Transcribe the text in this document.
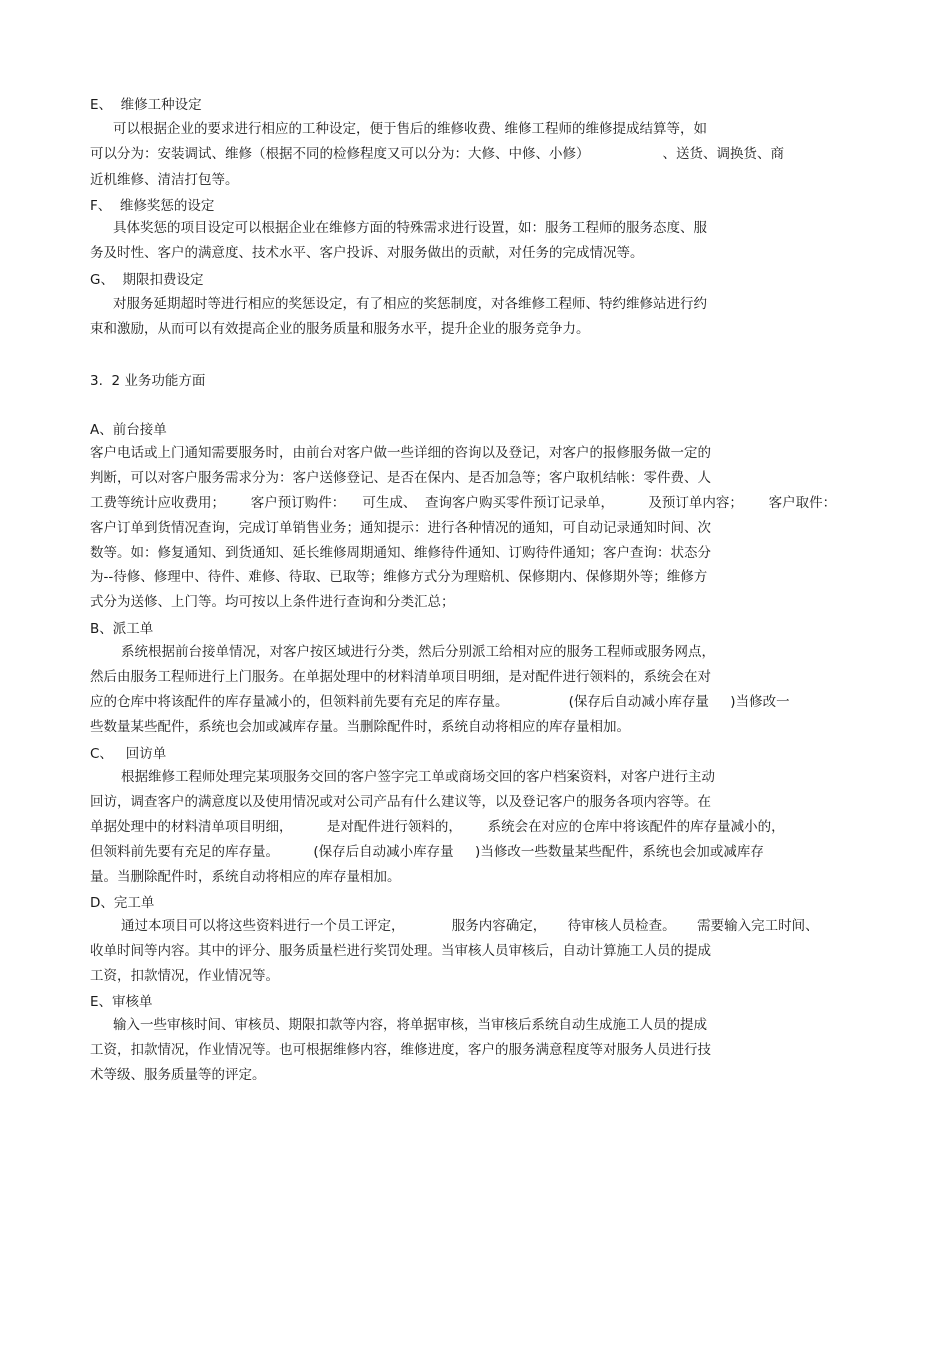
E、  维修工种设定
可以根据企业的要求进行相应的工种设定，便于售后的维修收费、维修工程师的维修提成结算等，如
可以分为：安装调试、维修（根据不同的检修程度又可以分为：大修、中修、小修）                 、送货、调换货、商
近机维修、清洁打包等。
F、  维修奖惩的设定
具体奖惩的项目设定可以根据企业在维修方面的特殊需求进行设置，如：服务工程师的服务态度、服
务及时性、客户的满意度、技术水平、客户投诉、对服务做出的贡献，对任务的完成情况等。
G、  期限扣费设定
对服务延期超时等进行相应的奖惩设定，有了相应的奖惩制度，对各维修工程师、特约维修站进行约
束和激励，从而可以有效提高企业的服务质量和服务水平，提升企业的服务竞争力。
3.  2 业务功能方面
A、前台接单
客户电话或上门通知需要服务时，由前台对客户做一些详细的咨询以及登记，对客户的报修服务做一定的
判断，可以对客户服务需求分为：客户送修登记、是否在保内、是否加急等；客户取机结帐：零件费、人
工费等统计应收费用；      客户预订购件：    可生成、  查询客户购买零件预订记录单，        及预订单内容；      客户取件：
客户订单到货情况查询，完成订单销售业务；通知提示：进行各种情况的通知，可自动记录通知时间、次
数等。如：修复通知、到货通知、延长维修周期通知、维修待件通知、订购待件通知；客户查询：状态分
为--待修、修理中、待件、难修、待取、已取等；维修方式分为理赔机、保修期内、保修期外等；维修方
式分为送修、上门等。均可按以上条件进行查询和分类汇总；
B、派工单
系统根据前台接单情况，对客户按区域进行分类，然后分别派工给相对应的服务工程师或服务网点，
然后由服务工程师进行上门服务。在单据处理中的材料清单项目明细，是对配件进行领料的，系统会在对
应的仓库中将该配件的库存量减小的，但领料前先要有充足的库存量。              (保存后自动减小库存量     )当修改一
些数量某些配件，系统也会加或减库存量。当删除配件时，系统自动将相应的库存量相加。
C、   回访单
根据维修工程师处理完某项服务交回的客户签字完工单或商场交回的客户档案资料，对客户进行主动
回访，调查客户的满意度以及使用情况或对公司产品有什么建议等，以及登记客户的服务各项内容等。在
单据处理中的材料清单项目明细，        是对配件进行领料的，      系统会在对应的仓库中将该配件的库存量减小的，
但领料前先要有充足的库存量。        (保存后自动减小库存量     )当修改一些数量某些配件，系统也会加或减库存
量。当删除配件时，系统自动将相应的库存量相加。
D、完工单
通过本项目可以将这些资料进行一个员工评定，           服务内容确定，     待审核人员检查。     需要输入完工时间、
收单时间等内容。其中的评分、服务质量栏进行奖罚处理。当审核人员审核后，自动计算施工人员的提成
工资，扣款情况，作业情况等。
E、审核单
输入一些审核时间、审核员、期限扣款等内容，将单据审核，当审核后系统自动生成施工人员的提成
工资，扣款情况，作业情况等。也可根据维修内容，维修进度，客户的服务满意程度等对服务人员进行技
术等级、服务质量等的评定。
